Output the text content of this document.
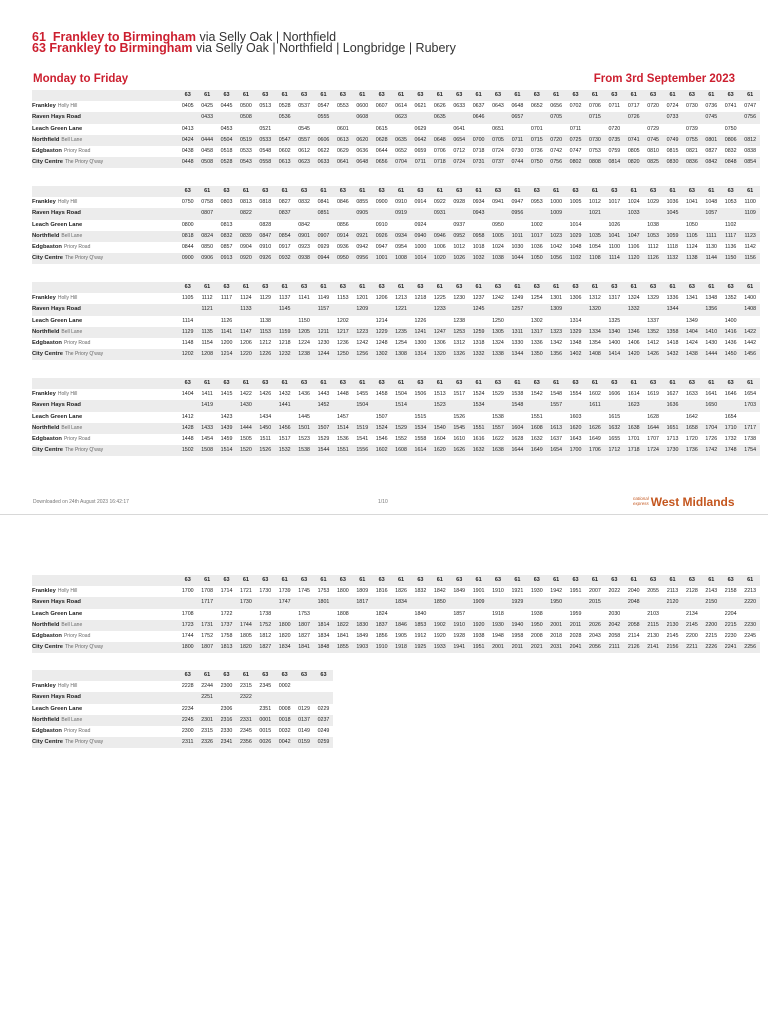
61 Frankley to Birmingham via Selly Oak | Northfield
63 Frankley to Birmingham via Selly Oak | Northfield | Longbridge | Rubery
Monday to Friday	From 3rd September 2023
	63	61	63	61	63	61	63	61	63	61	63	61	63	61	63	61	63	61	63	61	63	61	63	61	63	61	63	61	63	61
Frankley Holly Hill	0405	0425	0445	0500	0513	0528	0537	0547	0553	0600	0607	0614	0621	0626	0633	0637	0643	0648	0652	0656	0702	0706	0711	0717	0720	0724	0730	0736	0741	0747
Raven Hays Road		0433		0508		0536		0555		0608		0623		0635		0646		0657		0705		0715		0726		0733		0745		0756
Leach Green Lane	0413		0453		0521		0545		0601		0615		0629		0641		0651		0701		0711		0720		0729		0739		0750	
Northfield Bell Lane	0424	0444	0504	0519	0533	0547	0557	0606	0613	0620	0628	0635	0642	0648	0654	0700	0705	0711	0715	0720	0725	0730	0735	0741	0745	0749	0755	0801	0806	0812
Edgbaston Priory Road	0438	0458	0518	0533	0548	0602	0612	0622	0629	0636	0644	0652	0659	0706	0712	0718	0724	0730	0736	0742	0747	0753	0759	0805	0810	0815	0821	0827	0832	0838
City Centre The Priory Q'way	0448	0508	0528	0543	0558	0613	0623	0633	0641	0648	0656	0704	0711	0718	0724	0731	0737	0744	0750	0756	0802	0808	0814	0820	0825	0830	0836	0842	0848	0854
	63	61	63	61	63	61	63	61	63	61	63	61	63	61	63	61	63	61	63	61	63	61	63	61	63	61	63	61	63	61
Frankley Holly Hill	0750	0758	0803	0813	0818	0827	0832	0841	0846	0855	0900	0910	0914	0922	0928	0934	0941	0947	0953	1000	1005	1012	1017	1024	1029	1036	1041	1048	1053	1100
Raven Hays Road		0807		0822		0837		0851		0905		0919		0931		0943		0956		1009		1021		1033		1045		1057		1109
Leach Green Lane	0800		0813		0828		0842		0856		0910		0924		0937		0950		1002		1014		1026		1038		1050		1102	
Northfield Bell Lane	0818	0824	0832	0839	0847	0854	0901	0907	0914	0921	0926	0934	0940	0946	0952	0958	1005	1011	1017	1023	1029	1035	1041	1047	1053	1059	1105	1111	1117	1123
Edgbaston Priory Road	0844	0850	0857	0904	0910	0917	0923	0929	0936	0942	0947	0954	1000	1006	1012	1018	1024	1030	1036	1042	1048	1054	1100	1106	1112	1118	1124	1130	1136	1142
City Centre The Priory Q'way	0900	0906	0913	0920	0926	0932	0938	0944	0950	0956	1001	1008	1014	1020	1026	1032	1038	1044	1050	1056	1102	1108	1114	1120	1126	1132	1138	1144	1150	1156
	63	61	63	61	63	61	63	61	63	61	63	61	63	61	63	61	63	61	63	61	63	61	63	61	63	61	63	61	63	61
Frankley Holly Hill	1105	1112	1117	1124	1129	1137	1141	1149	1153	1201	1206	1213	1218	1225	1230	1237	1242	1249	1254	1301	1306	1312	1317	1324	1329	1336	1341	1348	1352	1400
Raven Hays Road		1121		1133		1145		1157		1209		1221		1233		1245		1257		1309		1320		1332		1344		1356		1408
Leach Green Lane	1114		1126		1138		1150		1202		1214		1226		1238		1250		1302		1314		1325		1337		1349		1400	
Northfield Bell Lane	1129	1135	1141	1147	1153	1159	1205	1211	1217	1223	1229	1235	1241	1247	1253	1259	1305	1311	1317	1323	1329	1334	1340	1346	1352	1358	1404	1410	1416	1422
Edgbaston Priory Road	1148	1154	1200	1206	1212	1218	1224	1230	1236	1242	1248	1254	1300	1306	1312	1318	1324	1330	1336	1342	1348	1354	1400	1406	1412	1418	1424	1430	1436	1442
City Centre The Priory Q'way	1202	1208	1214	1220	1226	1232	1238	1244	1250	1256	1302	1308	1314	1320	1326	1332	1338	1344	1350	1356	1402	1408	1414	1420	1426	1432	1438	1444	1450	1456
	63	61	63	61	63	61	63	61	63	61	63	61	63	61	63	61	63	61	63	61	63	61	63	61	63	61	63	61	63	61
Frankley Holly Hill	1404	1411	1415	1422	1426	1432	1436	1443	1448	1455	1458	1504	1506	1513	1517	1524	1529	1538	1542	1548	1554	1602	1606	1614	1619	1627	1633	1641	1646	1654
Raven Hays Road		1419		1430		1441		1452		1504		1514		1523		1534		1548		1557		1611		1623		1636		1650		1703
Leach Green Lane	1412		1423		1434		1445		1457		1507		1515		1526		1538		1551		1603		1615		1628		1642		1654	
Northfield Bell Lane	1428	1433	1439	1444	1450	1456	1501	1507	1514	1519	1524	1529	1534	1540	1545	1551	1557	1604	1608	1613	1620	1626	1632	1638	1644	1651	1658	1704	1710	1717
Edgbaston Priory Road	1448	1454	1459	1505	1511	1517	1523	1529	1536	1541	1546	1552	1558	1604	1610	1616	1622	1628	1632	1637	1643	1649	1655	1701	1707	1713	1720	1726	1732	1738
City Centre The Priory Q'way	1502	1508	1514	1520	1526	1532	1538	1544	1551	1556	1602	1608	1614	1620	1626	1632	1638	1644	1649	1654	1700	1706	1712	1718	1724	1730	1736	1742	1748	1754
Downloaded on 24th August 2023 16:42:17	1/10
national
express West Midlands
	63	61	63	61	63	61	63	61	63	61	63	61	63	61	63	61	63	61	63	61	63	61	63	61	63	61	63	61	63	61
Frankley Holly Hill	1700	1708	1714	1721	1730	1739	1745	1753	1800	1809	1816	1826	1832	1842	1849	1901	1910	1921	1930	1942	1951	2007	2022	2040	2055	2113	2128	2143	2158	2213
Raven Hays Road		1717		1730		1747		1801		1817		1834		1850		1909		1929		1950		2015		2048		2120		2150		2220
Leach Green Lane	1708		1722		1738		1753		1808		1824		1840		1857		1918		1938		1959		2030		2103		2134		2204	
Northfield Bell Lane	1723	1731	1737	1744	1752	1800	1807	1814	1822	1830	1837	1846	1853	1902	1910	1920	1930	1940	1950	2001	2011	2026	2042	2058	2115	2130	2145	2200	2215	2230
Edgbaston Priory Road	1744	1752	1758	1805	1812	1820	1827	1834	1841	1849	1856	1905	1912	1920	1928	1938	1948	1958	2008	2018	2028	2043	2058	2114	2130	2145	2200	2215	2230	2245
City Centre The Priory Q'way	1800	1807	1813	1820	1827	1834	1841	1848	1855	1903	1910	1918	1925	1933	1941	1951	2001	2011	2021	2031	2041	2056	2111	2126	2141	2156	2211	2226	2241	2256
	63	61	63	61	63	63	63	63
Frankley Holly Hill	2228	2244	2300	2315	2345	0002		
Raven Hays Road		2251		2322				
Leach Green Lane	2234		2306		2351	0008	0129	0229
Northfield Bell Lane	2245	2301	2316	2331	0001	0018	0137	0237
Edgbaston Priory Road	2300	2315	2330	2345	0015	0032	0149	0249
City Centre The Priory Q'way	2311	2326	2341	2356	0026	0042	0159	0259
